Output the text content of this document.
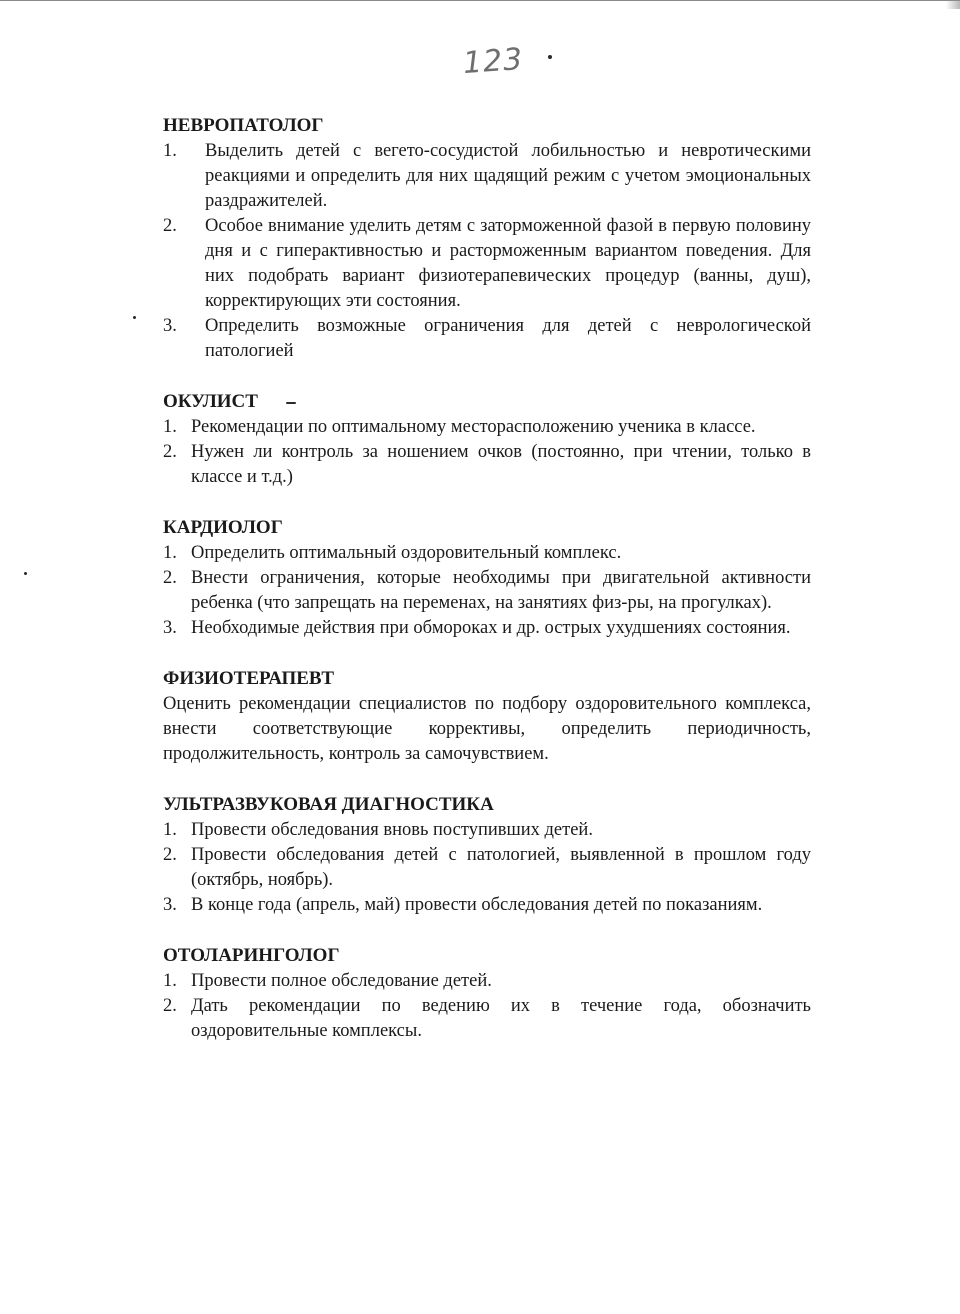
123
НЕВРОПАТОЛОГ
1. Выделить детей с вегето-сосудистой лобильностью и невротическими реакциями и определить для них щадящий режим с учетом эмоциональных раздражителей.
2. Особое внимание уделить детям с заторможенной фазой в первую половину дня и с гиперактивностью и расторможенным вариантом поведения. Для них подобрать вариант физиотерапевических процедур (ванны, душ), корректирующих эти состояния.
3. Определить возможные ограничения для детей с неврологической патологией
ОКУЛИСТ
1. Рекомендации по оптимальному месторасположению ученика в классе.
2. Нужен ли контроль за ношением очков (постоянно, при чтении, только в классе и т.д.)
КАРДИОЛОГ
1. Определить оптимальный оздоровительный комплекс.
2. Внести ограничения, которые необходимы при двигательной активности ребенка (что запрещать на переменах, на занятиях физ-ры, на прогулках).
3. Необходимые действия при обмороках и др. острых ухудшениях состояния.
ФИЗИОТЕРАПЕВТ

Оценить рекомендации специалистов по подбору оздоровительного комплекса, внести соответствующие коррективы, определить периодичность, продолжительность, контроль за самочувствием.

УЛЬТРАЗВУКОВАЯ ДИАГНОСТИКА
1. Провести обследования вновь поступивших детей.
2. Провести обследования детей с патологией, выявленной в прошлом году (октябрь, ноябрь).
3. В конце года (апрель, май) провести обследования детей по показаниям.
ОТОЛАРИНГОЛОГ
1. Провести полное обследование детей.
2. Дать рекомендации по ведению их в течение года, обозначить оздоровительные комплексы.
